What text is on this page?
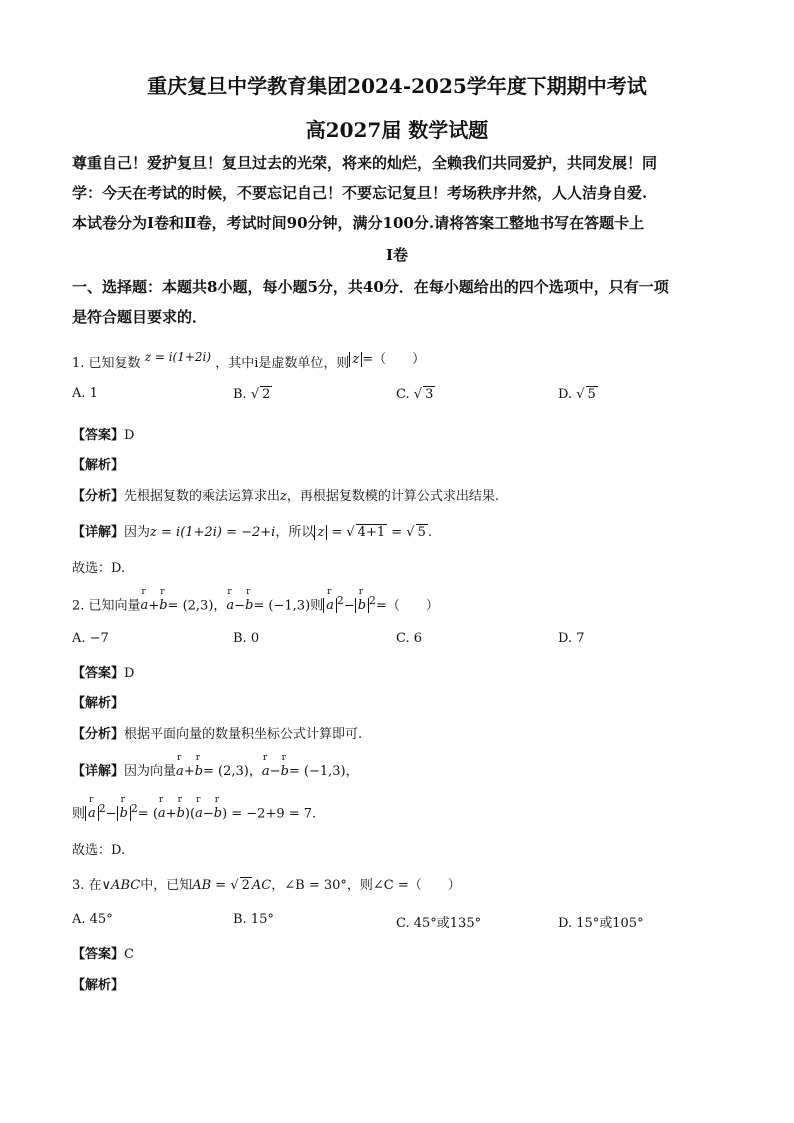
重庆复旦中学教育集团2024-2025学年度下期期中考试
高2027届 数学试题
尊重自己！爱护复旦！复旦过去的光荣，将来的灿烂，全赖我们共同爱护，共同发展！同
学：今天在考试的时候，不要忘记自己！不要忘记复旦！考场秩序井然，人人洁身自爱.
本试卷分为Ⅰ卷和Ⅱ卷，考试时间90分钟，满分100分.请将答案工整地书写在答题卡上
Ⅰ卷
一、选择题：本题共8小题，每小题5分，共40分．在每小题给出的四个选项中，只有一项
是符合题目要求的．
1. 已知复数 z = i(1+2i) ，其中i是虚数单位，则 z =（　　）
A. 1	B. √ 2	C. √ 3	D. √ 5
【答案】D
【解析】
【分析】先根据复数的乘法运算求出z，再根据复数模的计算公式求出结果.
【详解】因为z = i(1+2i) = −2+i，所以 z = √ 4+1 = √ 5 .
故选：D.
2. 已知向量r a+r b= (2,3)，r a−r b= (−1,3)则 r a $^2$− r b $^2$=（　　）
A. −7	B. 0	C. 6	D. 7
【答案】D
【解析】
【分析】根据平面向量的数量积坐标公式计算即可.
【详解】因为向量r a+r b= (2,3)，r a−r b= (−1,3)，
则 r a $^2$− r b $^2$= (r a+r b)(r a−r b) = −2+9 = 7.
故选：D.
3. 在∨ABC中，已知AB = √ 2 AC，∠B = 30°，则∠C =（　　）
A. 45°	B. 15°	C. 45°或135°	D. 15°或105°
【答案】C
【解析】
